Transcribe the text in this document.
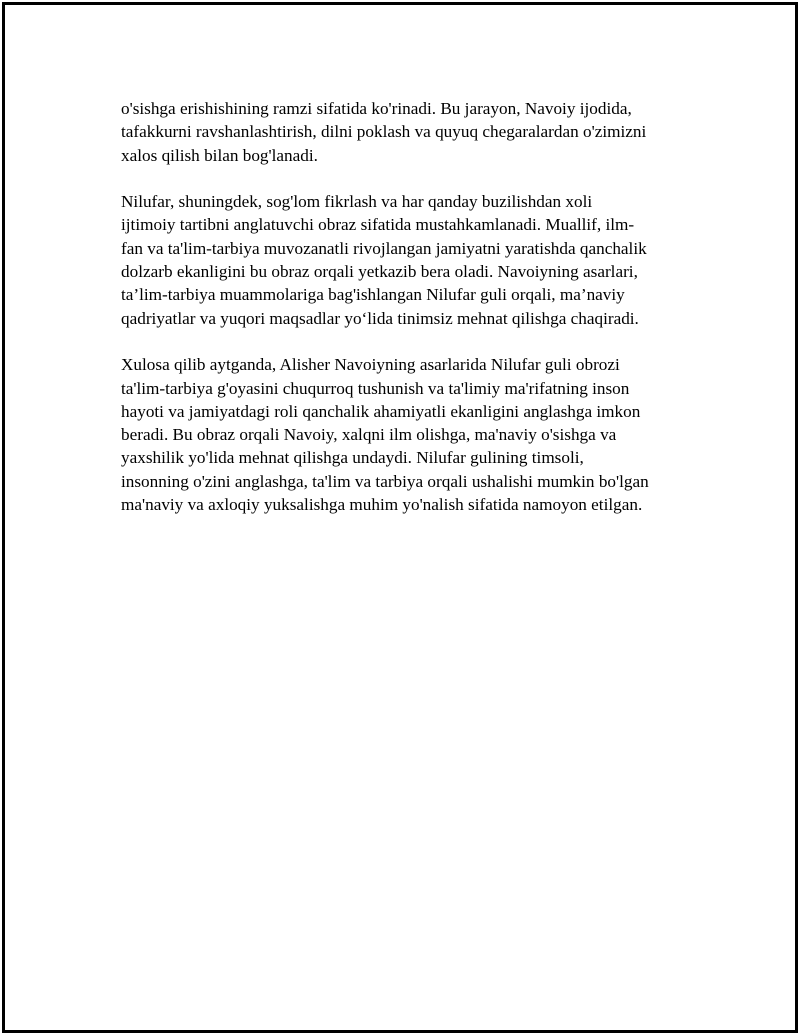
o'sishga erishishining ramzi sifatida ko'rinadi. Bu jarayon, Navoiy ijodida,
tafakkurni ravshanlashtirish, dilni poklash va quyuq chegaralardan o'zimizni
xalos qilish bilan bog'lanadi.

Nilufar, shuningdek, sog'lom fikrlash va har qanday buzilishdan xoli
ijtimoiy tartibni anglatuvchi obraz sifatida mustahkamlanadi. Muallif, ilm-
fan va ta'lim-tarbiya muvozanatli rivojlangan jamiyatni yaratishda qanchalik
dolzarb ekanligini bu obraz orqali yetkazib bera oladi. Navoiyning asarlari,
ta’lim-tarbiya muammolariga bag'ishlangan Nilufar guli orqali, ma’naviy
qadriyatlar va yuqori maqsadlar yo‘lida tinimsiz mehnat qilishga chaqiradi.

Xulosa qilib aytganda, Alisher Navoiyning asarlarida Nilufar guli obrozi
ta'lim-tarbiya g'oyasini chuqurroq tushunish va ta'limiy ma'rifatning inson
hayoti va jamiyatdagi roli qanchalik ahamiyatli ekanligini anglashga imkon
beradi. Bu obraz orqali Navoiy, xalqni ilm olishga, ma'naviy o'sishga va
yaxshilik yo'lida mehnat qilishga undaydi. Nilufar gulining timsoli,
insonning o'zini anglashga, ta'lim va tarbiya orqali ushalishi mumkin bo'lgan
ma'naviy va axloqiy yuksalishga muhim yo'nalish sifatida namoyon etilgan.
